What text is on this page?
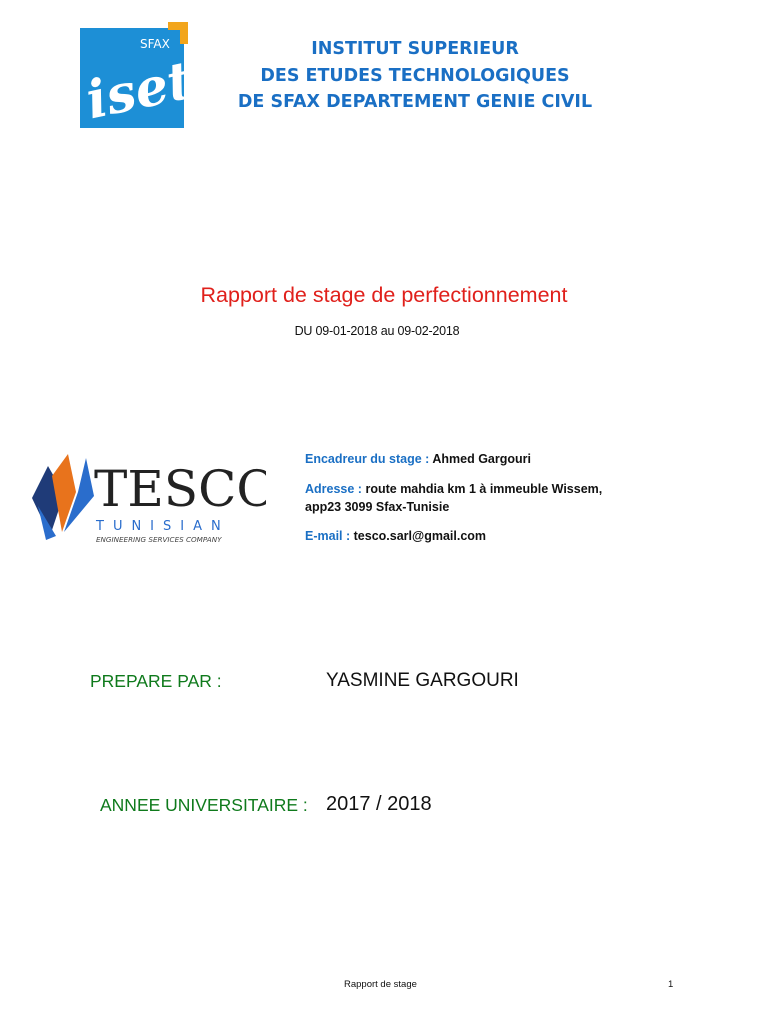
SFAX
iset
INSTITUT SUPERIEUR
DES ETUDES TECHNOLOGIQUES
DE SFAX DEPARTEMENT GENIE CIVIL
Rapport de stage de perfectionnement
DU 09-01-2018 au 09-02-2018
TESCO
TUNISIAN
ENGINEERING SERVICES COMPANY
Encadreur du stage : Ahmed Gargouri
Adresse : route mahdia km 1 à immeuble Wissem,
app23 3099 Sfax-Tunisie
E-mail : tesco.sarl@gmail.com
PREPARE PAR :	YASMINE GARGOURI
ANNEE UNIVERSITAIRE : 2017 / 2018
Rapport de stage	1
